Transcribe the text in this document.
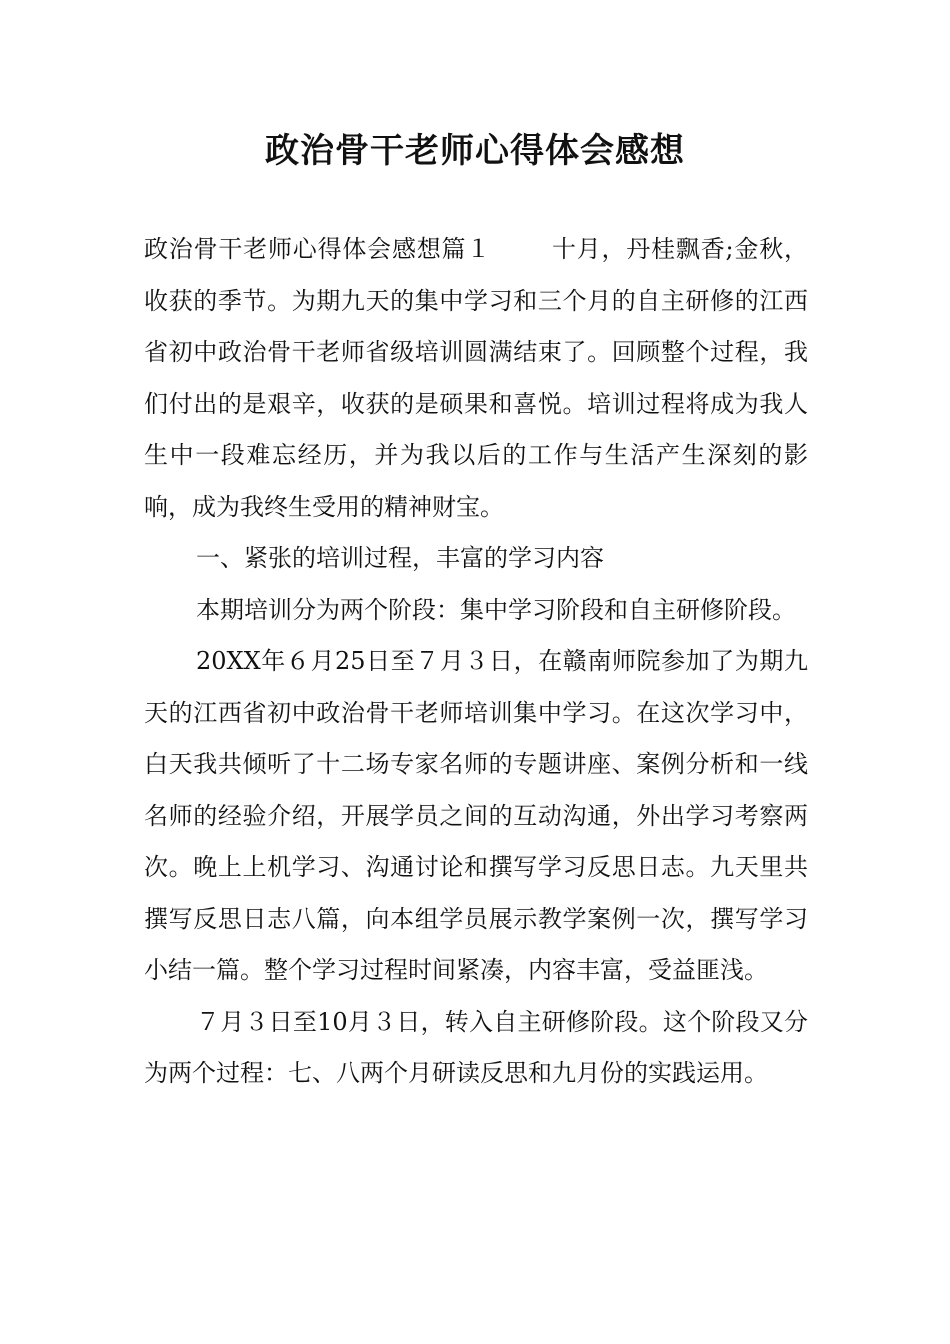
政治骨干老师心得体会感想

政治骨干老师心得体会感想篇１	十月，丹桂飘香;金秋，收获的季节。为期九天的集中学习和三个月的自主研修的江西省初中政治骨干老师省级培训圆满结束了。回顾整个过程，我们付出的是艰辛，收获的是硕果和喜悦。培训过程将成为我人生中一段难忘经历，并为我以后的工作与生活产生深刻的影响，成为我终生受用的精神财宝。

一、紧张的培训过程，丰富的学习内容

本期培训分为两个阶段：集中学习阶段和自主研修阶段。

20XX年６月25日至７月３日，在赣南师院参加了为期九天的江西省初中政治骨干老师培训集中学习。在这次学习中，白天我共倾听了十二场专家名师的专题讲座、案例分析和一线名师的经验介绍，开展学员之间的互动沟通，外出学习考察两次。晚上上机学习、沟通讨论和撰写学习反思日志。九天里共撰写反思日志八篇，向本组学员展示教学案例一次，撰写学习小结一篇。整个学习过程时间紧凑，内容丰富，受益匪浅。

７月３日至10月３日，转入自主研修阶段。这个阶段又分为两个过程：七、八两个月研读反思和九月份的实践运用。
